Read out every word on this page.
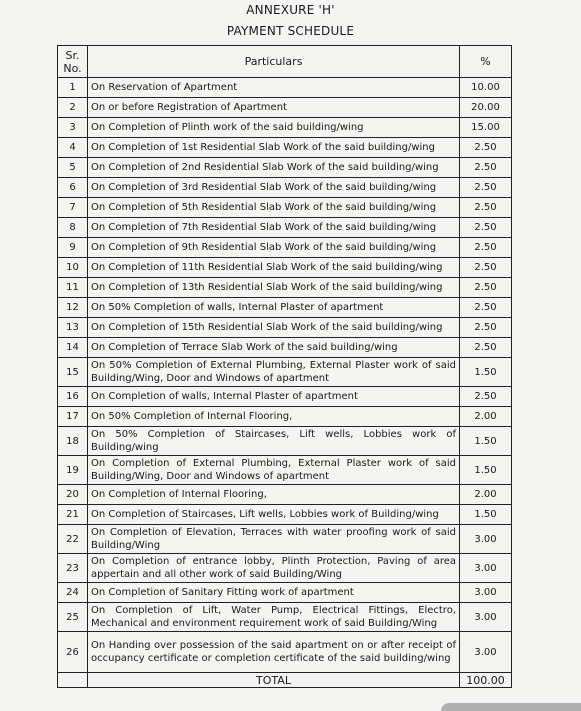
ANNEXURE 'H'
PAYMENT SCHEDULE
Sr. No.	Particulars	%
1	On Reservation of Apartment	10.00
2	On or before Registration of Apartment	20.00
3	On Completion of Plinth work of the said building/wing	15.00
4	On Completion of 1st Residential Slab Work of the said building/wing	2.50
5	On Completion of 2nd Residential Slab Work of the said building/wing	2.50
6	On Completion of 3rd Residential Slab Work of the said building/wing	2.50
7	On Completion of 5th Residential Slab Work of the said building/wing	2.50
8	On Completion of 7th Residential Slab Work of the said building/wing	2.50
9	On Completion of 9th Residential Slab Work of the said building/wing	2.50
10	On Completion of 11th Residential Slab Work of the said building/wing	2.50
11	On Completion of 13th Residential Slab Work of the said building/wing	2.50
12	On 50% Completion of walls, Internal Plaster of apartment	2.50
13	On Completion of 15th Residential Slab Work of the said building/wing	2.50
14	On Completion of Terrace Slab Work of the said building/wing	2.50
15	On 50% Completion of External Plumbing, External Plaster work of said Building/Wing, Door and Windows of apartment	1.50
16	On Completion of walls, Internal Plaster of apartment	2.50
17	On 50% Completion of Internal Flooring,	2.00
18	On 50% Completion of Staircases, Lift wells, Lobbies work of Building/wing	1.50
19	On Completion of External Plumbing, External Plaster work of said Building/Wing, Door and Windows of apartment	1.50
20	On Completion of Internal Flooring,	2.00
21	On Completion of Staircases, Lift wells, Lobbies work of Building/wing	1.50
22	On Completion of Elevation, Terraces with water proofing work of said Building/Wing	3.00
23	On Completion of entrance lobby, Plinth Protection, Paving of area appertain and all other work of said Building/Wing	3.00
24	On Completion of Sanitary Fitting work of apartment	3.00
25	On Completion of Lift, Water Pump, Electrical Fittings, Electro, Mechanical and environment requirement work of said Building/Wing	3.00
26	On Handing over possession of the said apartment on or after receipt of occupancy certificate or completion certificate of the said building/wing	3.00
	TOTAL	100.00
